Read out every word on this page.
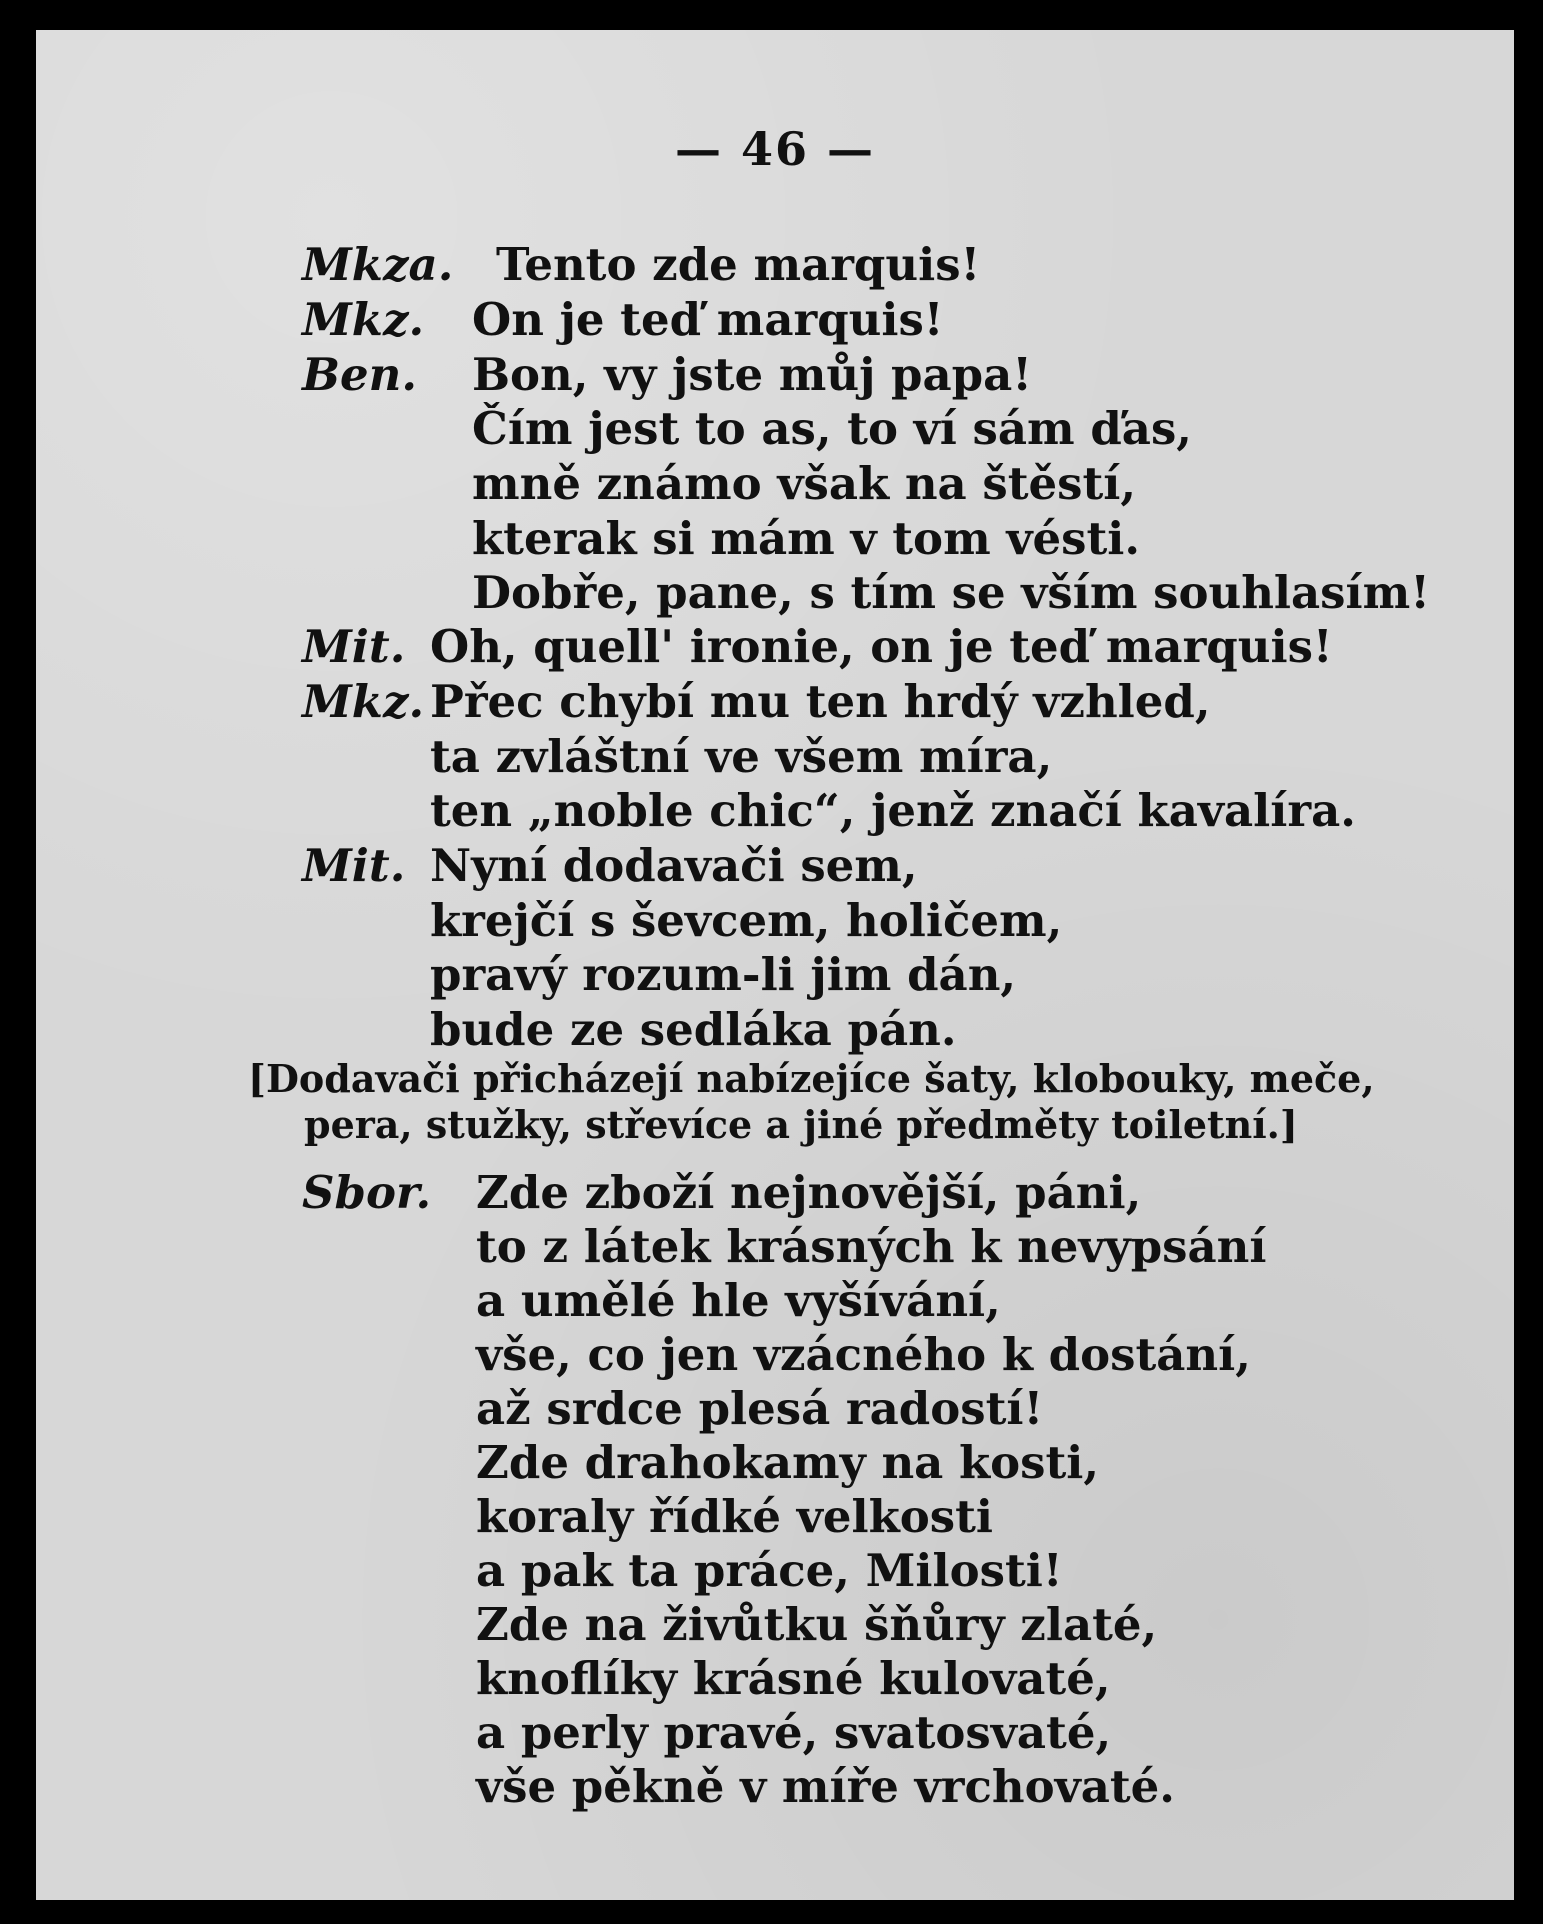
— 46 —
Mkza. Tento zde marquis!
Mkz. On je teď marquis!
Ben. Bon, vy jste můj papa!
Čím jest to as, to ví sám ďas,
mně známo však na štěstí,
kterak si mám v tom vésti.
Dobře, pane, s tím se vším souhlasím!
Mit. Oh, quell' ironie, on je teď marquis!
Mkz. Přec chybí mu ten hrdý vzhled,
ta zvláštní ve všem míra,
ten „noble chic“, jenž značí kavalíra.
Mit. Nyní dodavači sem,
krejčí s ševcem, holičem,
pravý rozum-li jim dán,
bude ze sedláka pán.
[Dodavači přicházejí nabízejíce šaty, klobouky, meče,
pera, stužky, střevíce a jiné předměty toiletní.]
Sbor. Zde zboží nejnovější, páni,
to z látek krásných k nevypsání
a umělé hle vyšívání,
vše, co jen vzácného k dostání,
až srdce plesá radostí!
Zde drahokamy na kosti,
koraly řídké velkosti
a pak ta práce, Milosti!
Zde na živůtku šňůry zlaté,
knoflíky krásné kulovaté,
a perly pravé, svatosvaté,
vše pěkně v míře vrchovaté.
